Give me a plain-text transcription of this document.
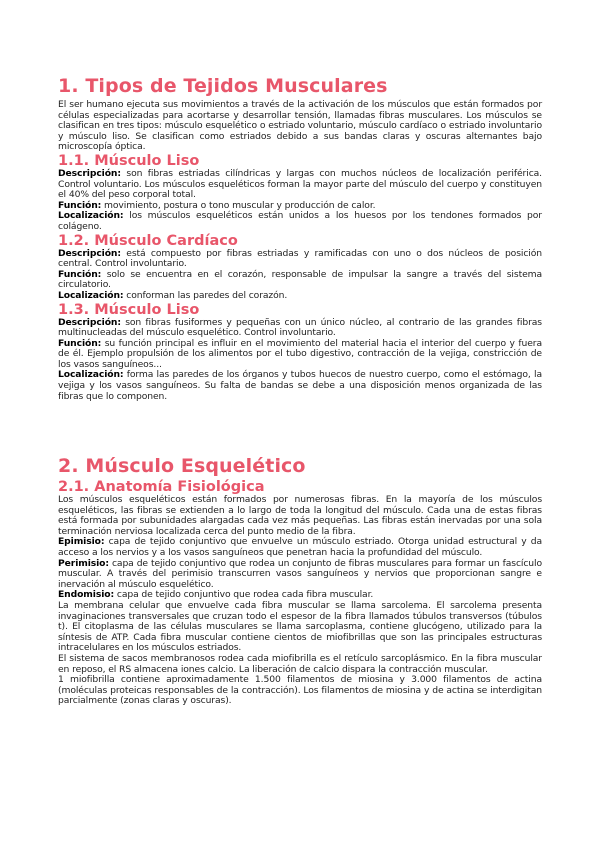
1. Tipos de Tejidos Musculares

El ser humano ejecuta sus movimientos a través de la activación de los músculos que están formados por células especializadas para acortarse y desarrollar tensión, llamadas fibras musculares. Los músculos se clasifican en tres tipos: músculo esquelético o estriado voluntario, músculo cardíaco o estriado involuntario y músculo liso. Se clasifican como estriados debido a sus bandas claras y oscuras alternantes bajo microscopía óptica.

1.1. Músculo Liso

Descripción: son fibras estriadas cilíndricas y largas con muchos núcleos de localización periférica. Control voluntario. Los músculos esqueléticos forman la mayor parte del músculo del cuerpo y constituyen el 40% del peso corporal total.

Función: movimiento, postura o tono muscular y producción de calor.

Localización: los músculos esqueléticos están unidos a los huesos por los tendones formados por colágeno.

1.2. Músculo Cardíaco

Descripción: está compuesto por fibras estriadas y ramificadas con uno o dos núcleos de posición central. Control involuntario.

Función: solo se encuentra en el corazón, responsable de impulsar la sangre a través del sistema circulatorio.

Localización: conforman las paredes del corazón.

1.3. Músculo Liso

Descripción: son fibras fusiformes y pequeñas con un único núcleo, al contrario de las grandes fibras multinucleadas del músculo esquelético. Control involuntario.

Función: su función principal es influir en el movimiento del material hacia el interior del cuerpo y fuera de él. Ejemplo propulsión de los alimentos por el tubo digestivo, contracción de la vejiga, constricción de los vasos sanguíneos...

Localización: forma las paredes de los órganos y tubos huecos de nuestro cuerpo, como el estómago, la vejiga y los vasos sanguíneos. Su falta de bandas se debe a una disposición menos organizada de las fibras que lo componen.

2. Músculo Esquelético
2.1. Anatomía Fisiológica

Los músculos esqueléticos están formados por numerosas fibras. En la mayoría de los músculos esqueléticos, las fibras se extienden a lo largo de toda la longitud del músculo. Cada una de estas fibras está formada por subunidades alargadas cada vez más pequeñas. Las fibras están inervadas por una sola terminación nerviosa localizada cerca del punto medio de la fibra.

Epimisio: capa de tejido conjuntivo que envuelve un músculo estriado. Otorga unidad estructural y da acceso a los nervios y a los vasos sanguíneos que penetran hacia la profundidad del músculo.

Perimisio: capa de tejido conjuntivo que rodea un conjunto de fibras musculares para formar un fascículo muscular. A través del perimisio transcurren vasos sanguíneos y nervios que proporcionan sangre e inervación al músculo esquelético.

Endomisio: capa de tejido conjuntivo que rodea cada fibra muscular.

La membrana celular que envuelve cada fibra muscular se llama sarcolema. El sarcolema presenta invaginaciones transversales que cruzan todo el espesor de la fibra llamados túbulos transversos (túbulos t). El citoplasma de las células musculares se llama sarcoplasma, contiene glucógeno, utilizado para la síntesis de ATP. Cada fibra muscular contiene cientos de miofibrillas que son las principales estructuras intracelulares en los músculos estriados.

El sistema de sacos membranosos rodea cada miofibrilla es el retículo sarcoplásmico. En la fibra muscular en reposo, el RS almacena iones calcio. La liberación de calcio dispara la contracción muscular.

1 miofibrilla contiene aproximadamente 1.500 filamentos de miosina y 3.000 filamentos de actina (moléculas proteicas responsables de la contracción). Los filamentos de miosina y de actina se interdigitan parcialmente (zonas claras y oscuras).
